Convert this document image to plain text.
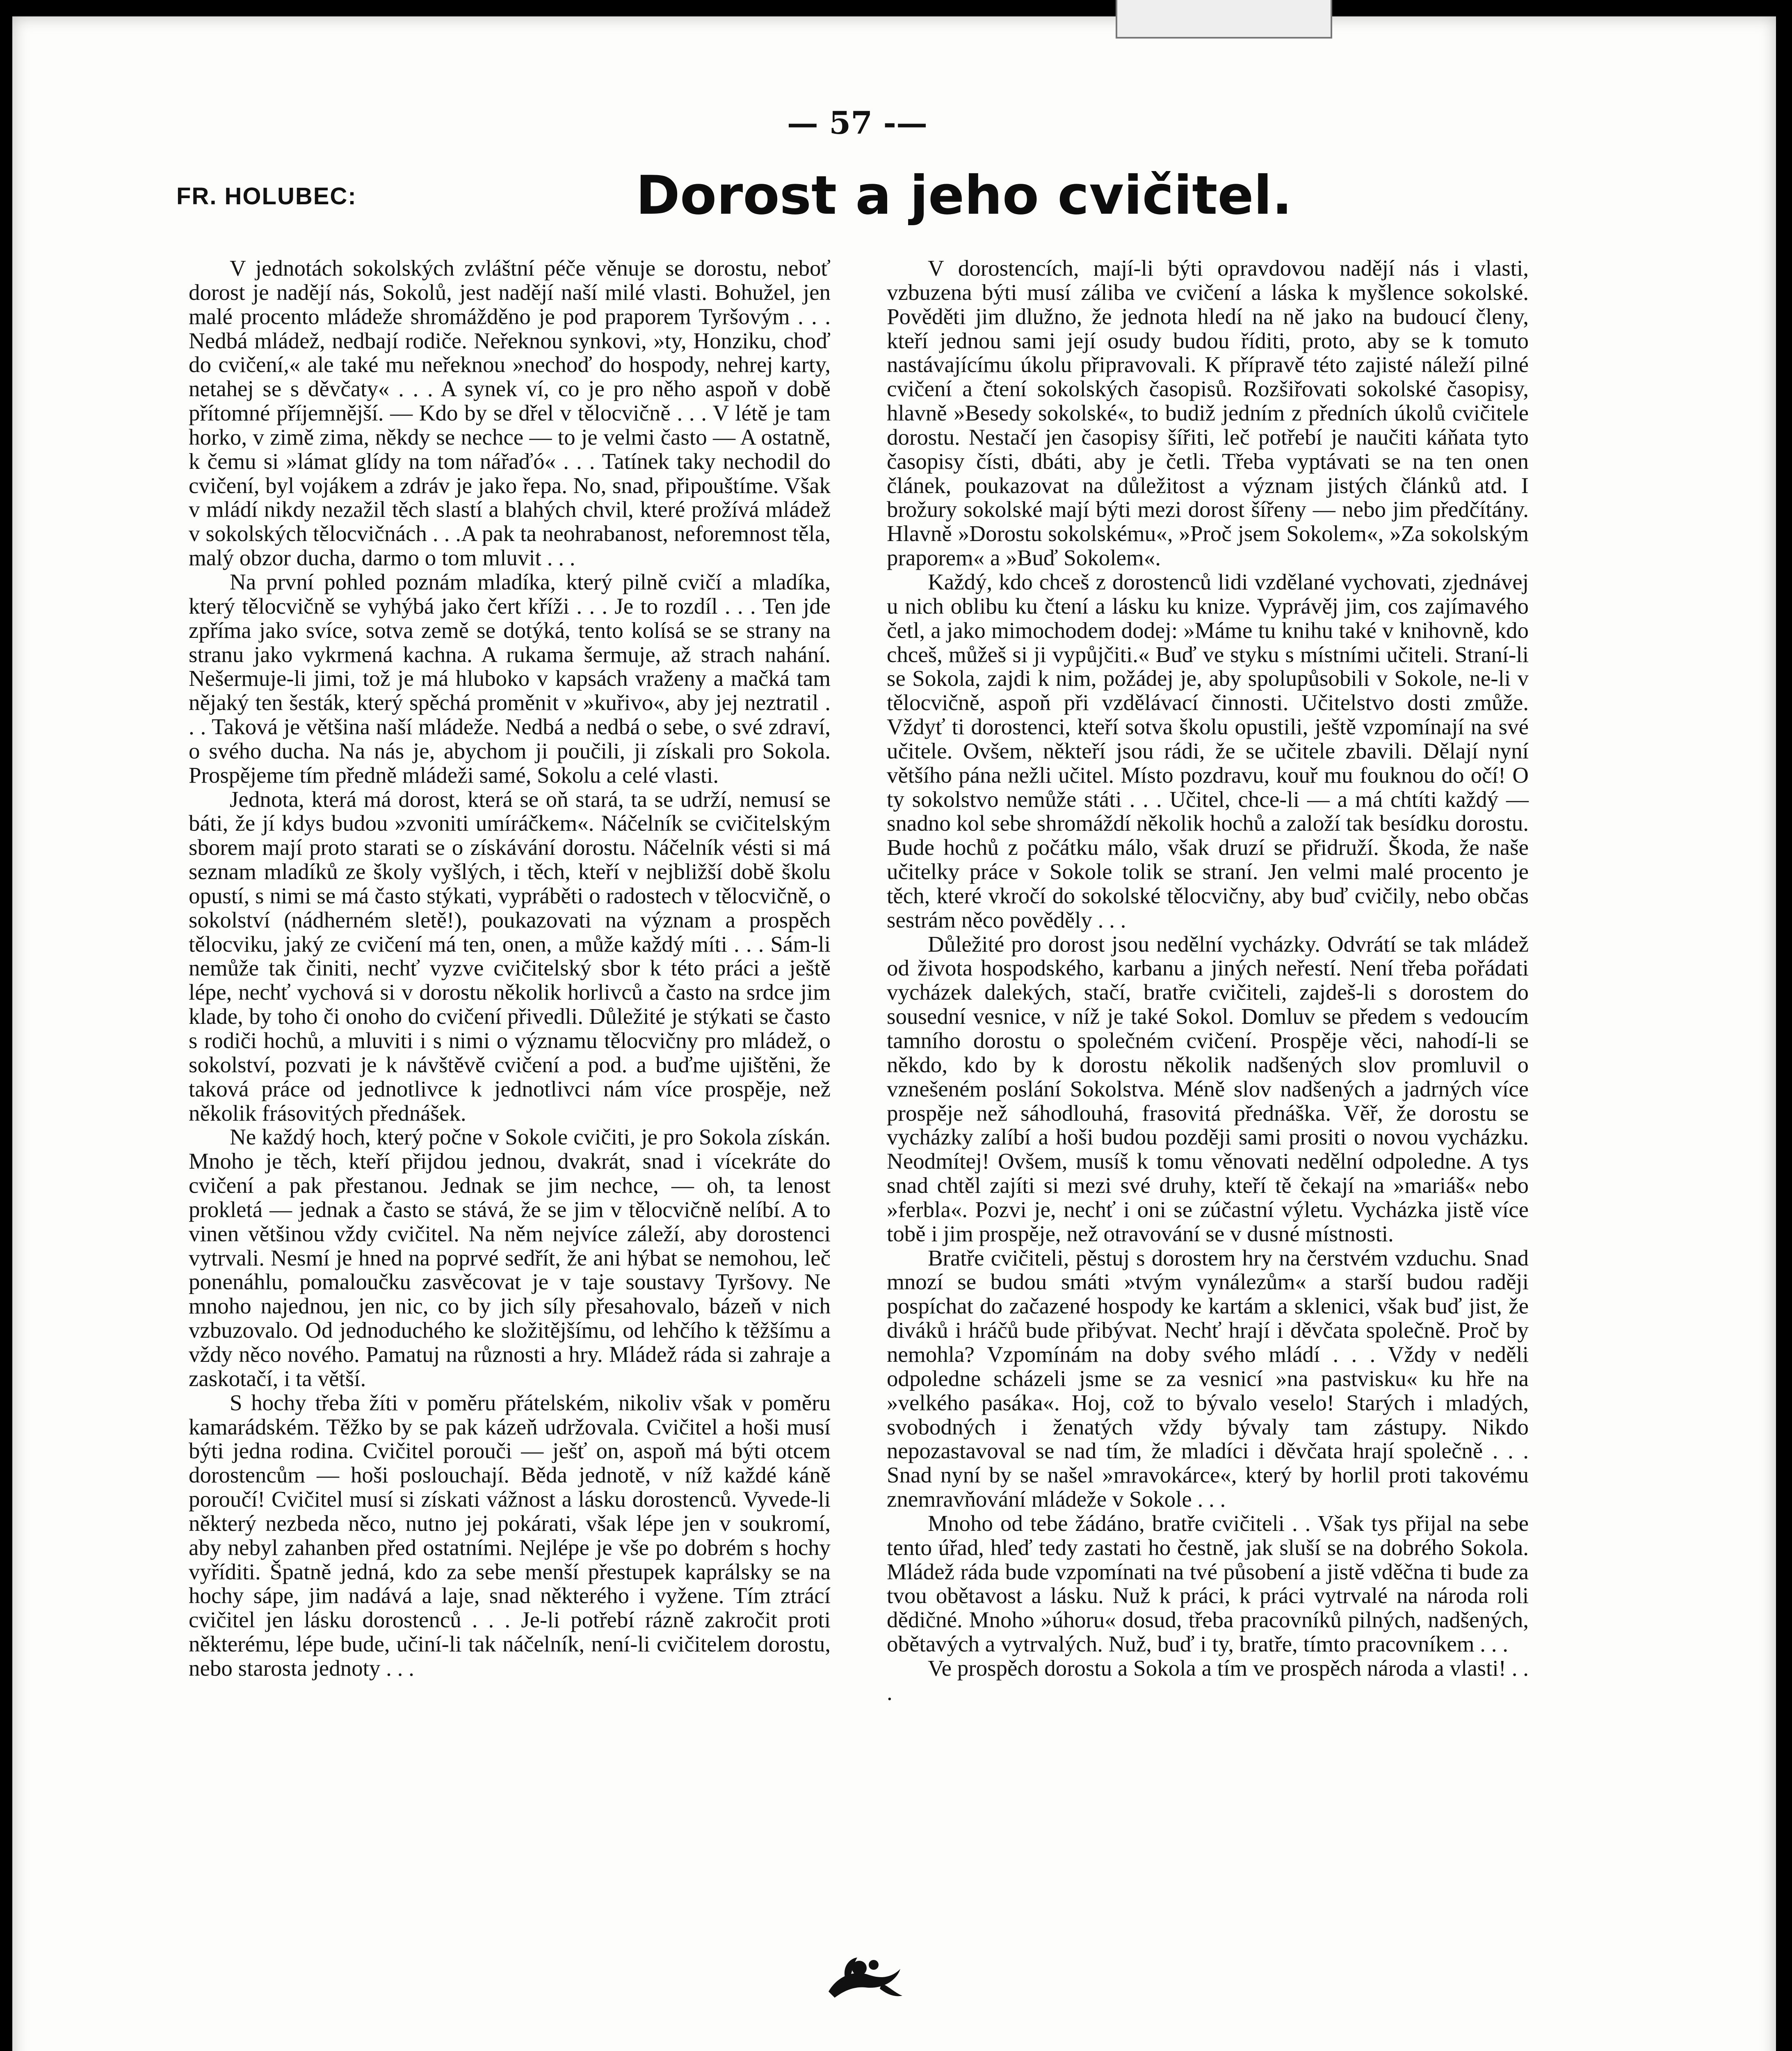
— 57 -—
FR. HOLUBEC:	Dorost a jeho cvičitel.

V jednotách sokolských zvláštní péče věnuje se dorostu, neboť dorost je nadějí nás, Sokolů, jest nadějí naší milé vlasti. Bohužel, jen malé procento mládeže shromážděno je pod praporem Tyršovým . . . Nedbá mládež, nedbají rodiče. Neřeknou synkovi, »ty, Honziku, choď do cvičení,« ale také mu neřeknou »nechoď do hospody, nehrej karty, netahej se s děvčaty« . . . A synek ví, co je pro něho aspoň v době přítomné příjemnější. — Kdo by se dřel v tělocvičně . . . V létě je tam horko, v zimě zima, někdy se nechce — to je velmi často — A ostatně, k čemu si »lámat glídy na tom nářaďó« . . . Tatínek taky nechodil do cvičení, byl vojákem a zdráv je jako řepa. No, snad, připouštíme. Však v mládí nikdy nezažil těch slastí a blahých chvil, které prožívá mládež v sokolských tělocvičnách . . .A pak ta neohrabanost, neforemnost těla, malý obzor ducha, darmo o tom mluvit . . .

Na první pohled poznám mladíka, který pilně cvičí a mladíka, který tělocvičně se vyhýbá jako čert kříži . . . Je to rozdíl . . . Ten jde zpříma jako svíce, sotva země se dotýká, tento kolísá se se strany na stranu jako vykrmená kachna. A rukama šermuje, až strach nahání. Nešermuje-li jimi, tož je má hluboko v kapsách vraženy a mačká tam nějaký ten šesták, který spěchá proměnit v »kuřivo«, aby jej neztratil . . . Taková je většina naší mládeže. Nedbá a nedbá o sebe, o své zdraví, o svého ducha. Na nás je, abychom ji poučili, ji získali pro Sokola. Prospějeme tím předně mládeži samé, Sokolu a celé vlasti.

Jednota, která má dorost, která se oň stará, ta se udrží, nemusí se báti, že jí kdys budou »zvoniti umíráčkem«. Náčelník se cvičitelským sborem mají proto starati se o získávání dorostu. Náčelník vésti si má seznam mladíků ze školy vyšlých, i těch, kteří v nejbližší době školu opustí, s nimi se má často stýkati, vypráběti o radostech v tělocvičně, o sokolství (nádherném sletě!), poukazovati na význam a prospěch tělocviku, jaký ze cvičení má ten, onen, a může každý míti . . . Sám-li nemůže tak činiti, nechť vyzve cvičitelský sbor k této práci a ještě lépe, nechť vychová si v dorostu několik horlivců a často na srdce jim klade, by toho či onoho do cvičení přivedli. Důležité je stýkati se často s rodiči hochů, a mluviti i s nimi o významu tělocvičny pro mládež, o sokolství, pozvati je k návštěvě cvičení a pod. a buďme ujištěni, že taková práce od jednotlivce k jednotlivci nám více prospěje, než několik frásovitých přednášek.

Ne každý hoch, který počne v Sokole cvičiti, je pro Sokola získán. Mnoho je těch, kteří přijdou jednou, dvakrát, snad i vícekráte do cvičení a pak přestanou. Jednak se jim nechce, — oh, ta lenost prokletá — jednak a často se stává, že se jim v tělocvičně nelíbí. A to vinen většinou vždy cvičitel. Na něm nejvíce záleží, aby dorostenci vytrvali. Nesmí je hned na poprvé sedřít, že ani hýbat se nemohou, leč ponenáhlu, pomaloučku zasvěcovat je v taje soustavy Tyršovy. Ne mnoho najednou, jen nic, co by jich síly přesahovalo, bázeň v nich vzbuzovalo. Od jednoduchého ke složitějšímu, od lehčího k těžšímu a vždy něco nového. Pamatuj na různosti a hry. Mládež ráda si zahraje a zaskotačí, i ta větší.

S hochy třeba žíti v poměru přátelském, nikoliv však v poměru kamarádském. Těžko by se pak kázeň udržovala. Cvičitel a hoši musí býti jedna rodina. Cvičitel porouči — ješť on, aspoň má býti otcem dorostencům — hoši poslouchají. Běda jednotě, v níž každé káně poroučí! Cvičitel musí si získati vážnost a lásku dorostenců. Vyvede-li některý nezbeda něco, nutno jej pokárati, však lépe jen v soukromí, aby nebyl zahanben před ostatními. Nejlépe je vše po dobrém s hochy vyříditi. Špatně jedná, kdo za sebe menší přestupek kaprálsky se na hochy sápe, jim nadává a laje, snad některého i vyžene. Tím ztrácí cvičitel jen lásku dorostenců . . . Je-li potřebí rázně zakročit proti některému, lépe bude, učiní-li tak náčelník, není-li cvičitelem dorostu, nebo starosta jednoty . . .

V dorostencích, mají-li býti opravdovou nadějí nás i vlasti, vzbuzena býti musí záliba ve cvičení a láska k myšlence sokolské. Pověděti jim dlužno, že jednota hledí na ně jako na budoucí členy, kteří jednou sami její osudy budou říditi, proto, aby se k tomuto nastávajícímu úkolu připravovali. K přípravě této zajisté náleží pilné cvičení a čtení sokolských časopisů. Rozšiřovati sokolské časopisy, hlavně »Besedy sokolské«, to budiž jedním z předních úkolů cvičitele dorostu. Nestačí jen časopisy šířiti, leč potřebí je naučiti káňata tyto časopisy čísti, dbáti, aby je četli. Třeba vyptávati se na ten onen článek, poukazovat na důležitost a význam jistých článků atd. I brožury sokolské mají býti mezi dorost šířeny — nebo jim předčítány. Hlavně »Dorostu sokolskému«, »Proč jsem Sokolem«, »Za sokolským praporem« a »Buď Sokolem«.

Každý, kdo chceš z dorostenců lidi vzdělané vychovati, zjednávej u nich oblibu ku čtení a lásku ku knize. Vyprávěj jim, cos zajímavého četl, a jako mimochodem dodej: »Máme tu knihu také v knihovně, kdo chceš, můžeš si ji vypůjčiti.« Buď ve styku s místními učiteli. Straní-li se Sokola, zajdi k nim, požádej je, aby spolupůsobili v Sokole, ne-li v tělocvičně, aspoň při vzdělávací činnosti. Učitelstvo dosti zmůže. Vždyť ti dorostenci, kteří sotva školu opustili, ještě vzpomínají na své učitele. Ovšem, někteří jsou rádi, že se učitele zbavili. Dělají nyní většího pána nežli učitel. Místo pozdravu, kouř mu fouknou do očí! O ty sokolstvo nemůže státi . . . Učitel, chce-li — a má chtíti každý — snadno kol sebe shromáždí několik hochů a založí tak besídku dorostu. Bude hochů z počátku málo, však druzí se přidruží. Škoda, že naše učitelky práce v Sokole tolik se straní. Jen velmi malé procento je těch, které vkročí do sokolské tělocvičny, aby buď cvičily, nebo občas sestrám něco pověděly . . .

Důležité pro dorost jsou nedělní vycházky. Odvrátí se tak mládež od života hospodského, karbanu a jiných neřestí. Není třeba pořádati vycházek dalekých, stačí, bratře cvičiteli, zajdeš-li s dorostem do sousední vesnice, v níž je také Sokol. Domluv se předem s vedoucím tamního dorostu o společném cvičení. Prospěje věci, nahodí-li se někdo, kdo by k dorostu několik nadšených slov promluvil o vznešeném poslání Sokolstva. Méně slov nadšených a jadrných více prospěje než sáhodlouhá, frasovitá přednáška. Věř, že dorostu se vycházky zalíbí a hoši budou později sami prositi o novou vycházku. Neodmítej! Ovšem, musíš k tomu věnovati nedělní odpoledne. A tys snad chtěl zajíti si mezi své druhy, kteří tě čekají na »mariáš« nebo »ferbla«. Pozvi je, nechť i oni se zúčastní výletu. Vycházka jistě více tobě i jim prospěje, než otravování se v dusné místnosti.

Bratře cvičiteli, pěstuj s dorostem hry na čerstvém vzduchu. Snad mnozí se budou smáti »tvým vynálezům« a starší budou raději pospíchat do začazené hospody ke kartám a sklenici, však buď jist, že diváků i hráčů bude přibývat. Nechť hrají i děvčata společně. Proč by nemohla? Vzpomínám na doby svého mládí . . . Vždy v neděli odpoledne scházeli jsme se za vesnicí »na pastvisku« ku hře na »velkého pasáka«. Hoj, což to bývalo veselo! Starých i mladých, svobodných i ženatých vždy bývaly tam zástupy. Nikdo nepozastavoval se nad tím, že mladíci i děvčata hrají společně . . . Snad nyní by se našel »mravokárce«, který by horlil proti takovému znemravňování mládeže v Sokole . . .

Mnoho od tebe žádáno, bratře cvičiteli . . Však tys přijal na sebe tento úřad, hleď tedy zastati ho čestně, jak sluší se na dobrého Sokola. Mládež ráda bude vzpomínati na tvé působení a jistě vděčna ti bude za tvou obětavost a lásku. Nuž k práci, k práci vytrvalé na národa roli dědičné. Mnoho »úhoru« dosud, třeba pracovníků pilných, nadšených, obětavých a vytrvalých. Nuž, buď i ty, bratře, tímto pracovníkem . . .

Ve prospěch dorostu a Sokola a tím ve prospěch národa a vlasti! . . .
